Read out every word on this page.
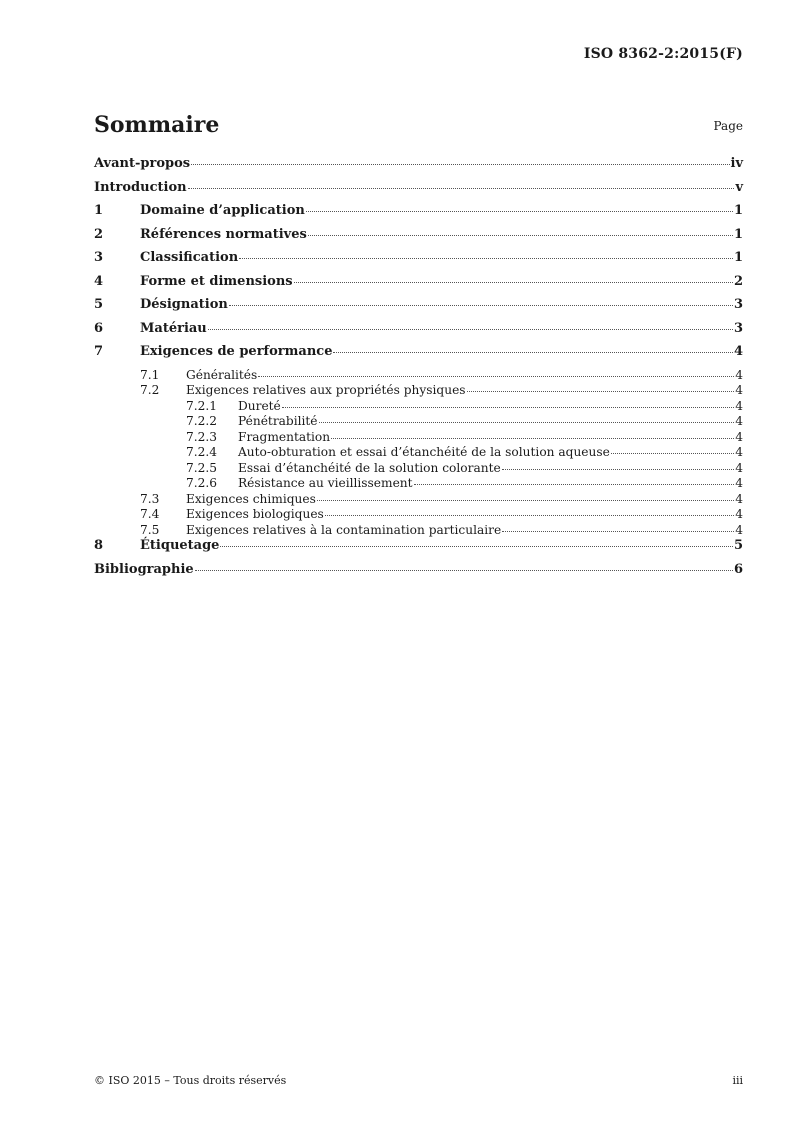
ISO 8362-2:2015(F)
Sommaire	Page
Avant-propos	iv
Introduction	v
1	Domaine d’application	1
2	Références normatives	1
3	Classification	1
4	Forme et dimensions	2
5	Désignation	3
6	Matériau	3
7	Exigences de performance	4
7.1	Généralités	4
7.2	Exigences relatives aux propriétés physiques	4
7.2.1	Dureté	4
7.2.2	Pénétrabilité	4
7.2.3	Fragmentation	4
7.2.4	Auto-obturation et essai d’étanchéité de la solution aqueuse	4
7.2.5	Essai d’étanchéité de la solution colorante	4
7.2.6	Résistance au vieillissement	4
7.3	Exigences chimiques	4
7.4	Exigences biologiques	4
7.5	Exigences relatives à la contamination particulaire	4
8	Étiquetage	5
Bibliographie	6
© ISO 2015 – Tous droits réservés	iii
